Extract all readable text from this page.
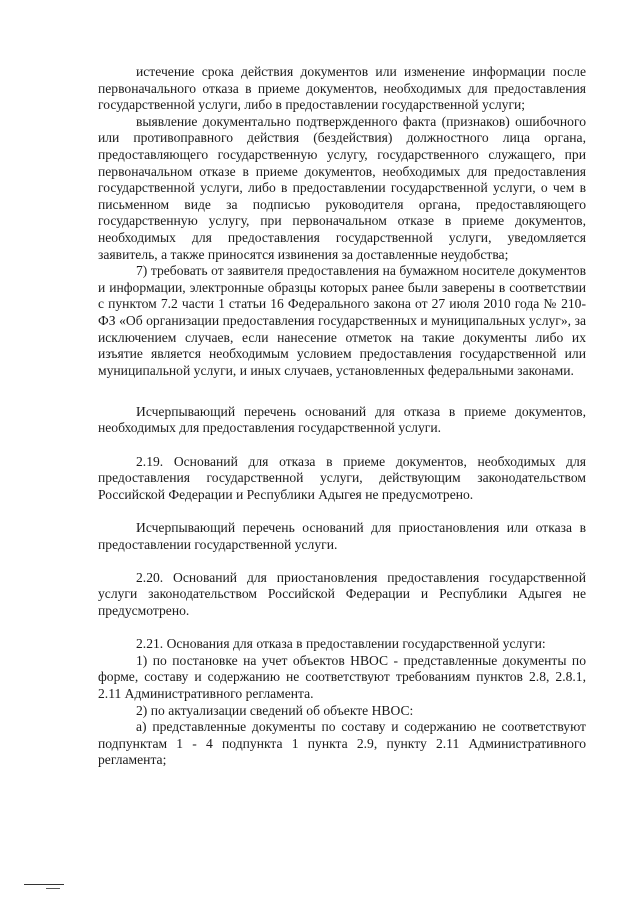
истечение срока действия документов или изменение информации после первоначального отказа в приеме документов, необходимых для предоставления государственной услуги, либо в предоставлении государственной услуги;

выявление документально подтвержденного факта (признаков) ошибочного или противоправного действия (бездействия) должностного лица органа, предоставляющего государственную услугу, государственного служащего, при первоначальном отказе в приеме документов, необходимых для предоставления государственной услуги, либо в предоставлении государственной услуги, о чем в письменном виде за подписью руководителя органа, предоставляющего государственную услугу, при первоначальном отказе в приеме документов, необходимых для предоставления государственной услуги, уведомляется заявитель, а также приносятся извинения за доставленные неудобства;

7) требовать от заявителя предоставления на бумажном носителе документов и информации, электронные образцы которых ранее были заверены в соответствии с пунктом 7.2 части 1 статьи 16 Федерального закона от 27 июля 2010 года № 210-ФЗ «Об организации предоставления государственных и муниципальных услуг», за исключением случаев, если нанесение отметок на такие документы либо их изъятие является необходимым условием предоставления государственной или муниципальной услуги, и иных случаев, установленных федеральными законами.

Исчерпывающий перечень оснований для отказа в приеме документов, необходимых для предоставления государственной услуги.

2.19. Оснований для отказа в приеме документов, необходимых для предоставления государственной услуги, действующим законодательством Российской Федерации и Республики Адыгея не предусмотрено.

Исчерпывающий перечень оснований для приостановления или отказа в предоставлении государственной услуги.

2.20. Оснований для приостановления предоставления государственной услуги законодательством Российской Федерации и Республики Адыгея не предусмотрено.

2.21. Основания для отказа в предоставлении государственной услуги:

1) по постановке на учет объектов НВОС - представленные документы по форме, составу и содержанию не соответствуют требованиям пунктов 2.8, 2.8.1, 2.11 Административного регламента.

2) по актуализации сведений об объекте НВОС:

а) представленные документы по составу и содержанию не соответствуют подпунктам 1 - 4 подпункта 1 пункта 2.9, пункту 2.11 Административного регламента;
